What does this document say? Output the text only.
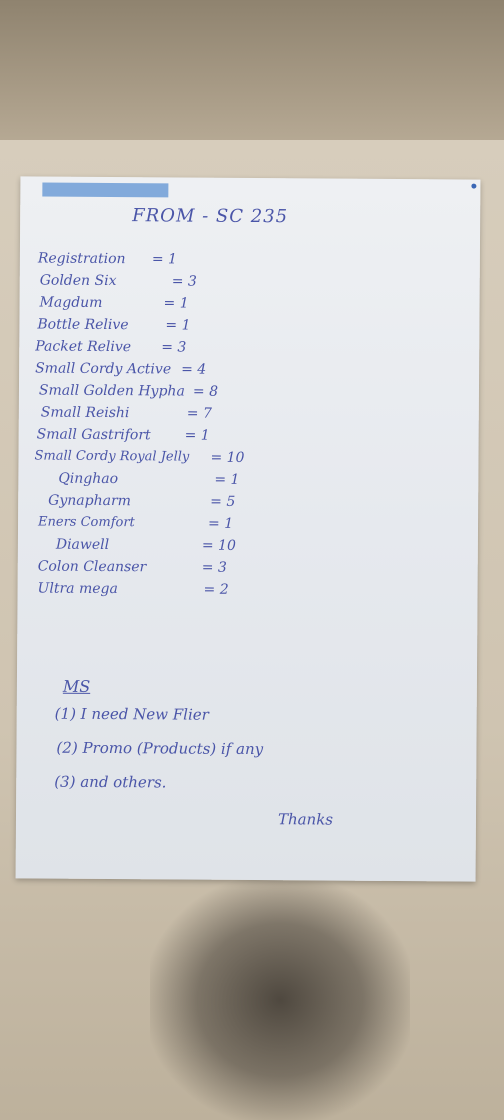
FROM - SC 235
Registration = 1
Golden Six	= 3
Magdum	= 1
Bottle Relive	= 1
Packet Relive = 3
Small Cordy Active = 4
Small Golden Hypha = 8
Small Reishi	= 7
Small Gastrifort = 1
Small Cordy Royal Jelly = 10
Qinghao	= 1
Gynapharm	= 5
Eners Comfort	= 1
Diawell	= 10
Colon Cleanser	= 3
Ultra mega	= 2
MS
(1) I need New Flier
(2) Promo (Products) if any
(3) and others.
Thanks
